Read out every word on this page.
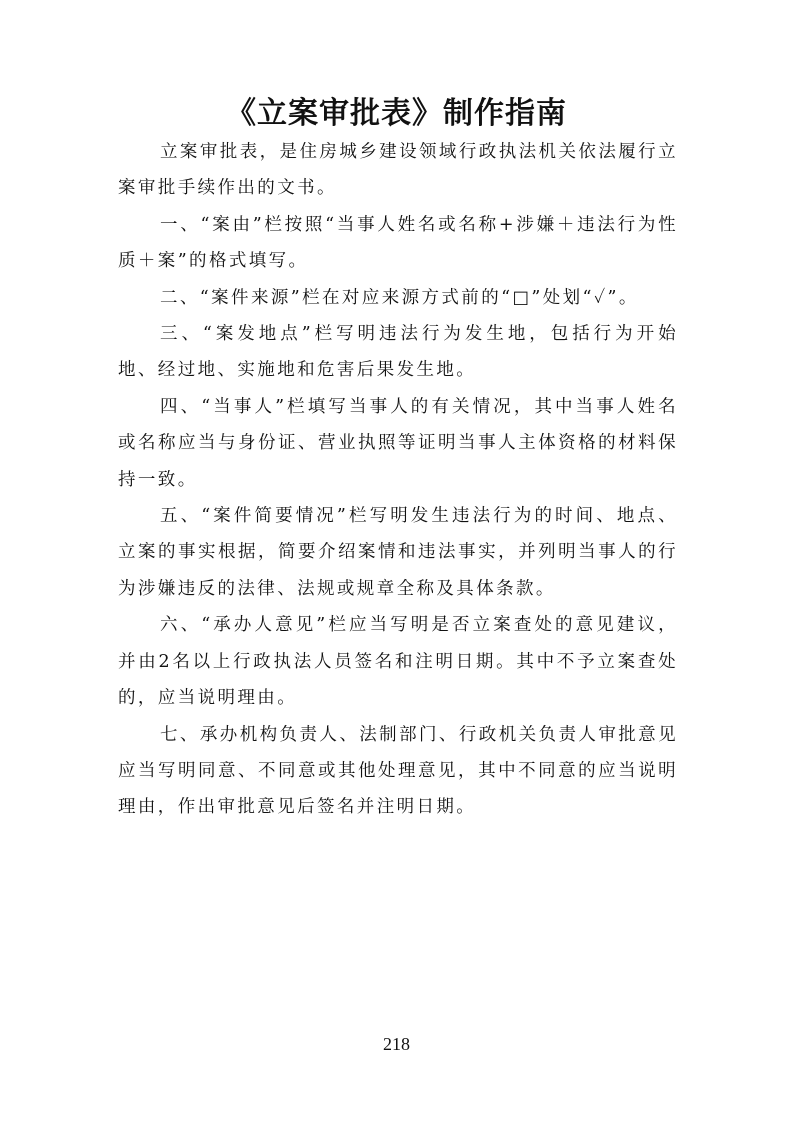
《立案审批表》制作指南

立案审批表，是住房城乡建设领域行政执法机关依法履行立案审批手续作出的文书。

一、“案由”栏按照“当事人姓名或名称+涉嫌＋违法行为性质＋案”的格式填写。

二、“案件来源”栏在对应来源方式前的“□”处划“✓”。

三、“案发地点”栏写明违法行为发生地，包括行为开始地、经过地、实施地和危害后果发生地。

四、“当事人”栏填写当事人的有关情况，其中当事人姓名或名称应当与身份证、营业执照等证明当事人主体资格的材料保持一致。

五、“案件简要情况”栏写明发生违法行为的时间、地点、立案的事实根据，简要介绍案情和违法事实，并列明当事人的行为涉嫌违反的法律、法规或规章全称及具体条款。

六、“承办人意见”栏应当写明是否立案查处的意见建议，并由2名以上行政执法人员签名和注明日期。其中不予立案查处的，应当说明理由。

七、承办机构负责人、法制部门、行政机关负责人审批意见应当写明同意、不同意或其他处理意见，其中不同意的应当说明理由，作出审批意见后签名并注明日期。

218
